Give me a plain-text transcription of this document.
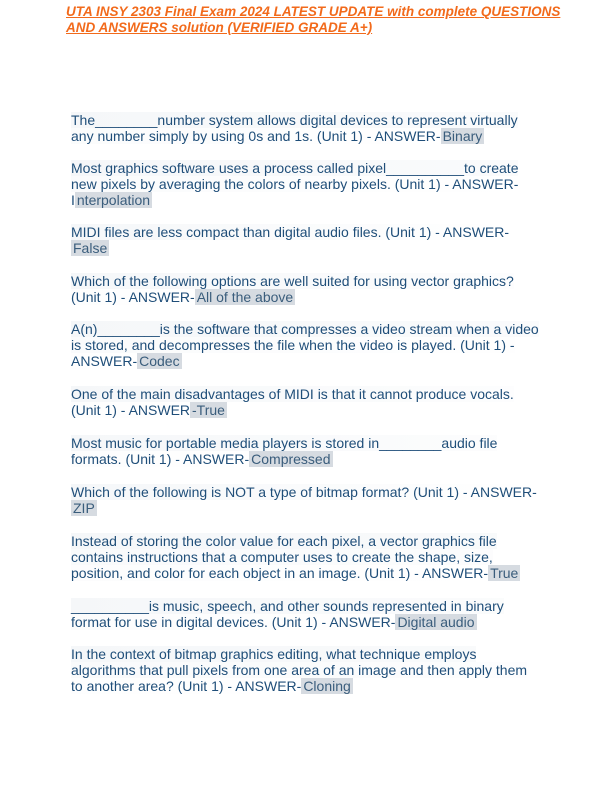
UTA INSY 2303 Final Exam 2024 LATEST UPDATE with complete QUESTIONS AND ANSWERS solution (VERIFIED GRADE A+)
The________number system allows digital devices to represent virtually any number simply by using 0s and 1s. (Unit 1) - ANSWER- Binary
Most graphics software uses a process called pixel__________to create new pixels by averaging the colors of nearby pixels. (Unit 1) - ANSWER-I nterpolation
MIDI files are less compact than digital audio files. (Unit 1) - ANSWER-False
Which of the following options are well suited for using vector graphics? (Unit 1) - ANSWER- All of the above
A(n)________is the software that compresses a video stream when a video is stored, and decompresses the file when the video is played. (Unit 1) - ANSWER- Codec
One of the main disadvantages of MIDI is that it cannot produce vocals. (Unit 1) - ANSWER -True
Most music for portable media players is stored in________audio file formats. (Unit 1) - ANSWER- Compressed
Which of the following is NOT a type of bitmap format? (Unit 1) - ANSWER-ZIP
Instead of storing the color value for each pixel, a vector graphics file contains instructions that a computer uses to create the shape, size, position, and color for each object in an image. (Unit 1) - ANSWER- True
__________is music, speech, and other sounds represented in binary format for use in digital devices. (Unit 1) - ANSWER- Digital audio
In the context of bitmap graphics editing, what technique employs algorithms that pull pixels from one area of an image and then apply them to another area? (Unit 1) - ANSWER- Cloning
